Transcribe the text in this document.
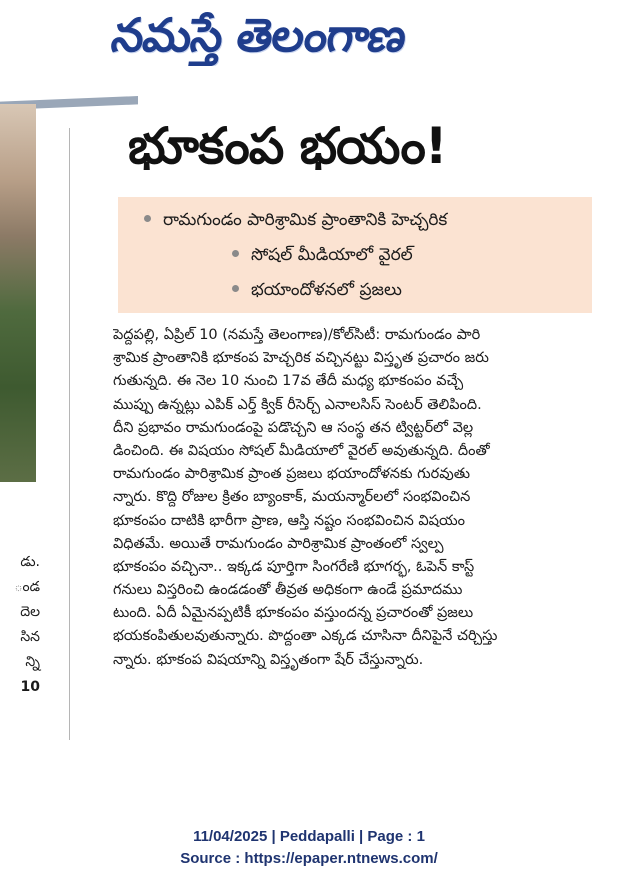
నమస్తే తెలంగాణ
డు.
ండ
దెల
సిన
న్ని
10
భూకంప భయం!
రామగుండం పారిశ్రామిక ప్రాంతానికి హెచ్చరిక
సోషల్ మీడియాలో వైరల్
భయాందోళనలో ప్రజలు
పెద్దపల్లి, ఏప్రిల్ 10 (నమస్తే తెలంగాణ)/కోల్‌సిటీ: రామగుండం పారి
శ్రామిక ప్రాంతానికి భూకంప హెచ్చరిక వచ్చినట్టు విస్తృత ప్రచారం జరు
గుతున్నది. ఈ నెల 10 నుంచి 17వ తేదీ మధ్య భూకంపం వచ్చే
ముప్పు ఉన్నట్లు ఎపిక్ ఎర్త్ క్విక్ రీసెర్చ్ ఎనాలసిస్ సెంటర్ తెలిపింది.
దీని ప్రభావం రామగుండంపై పడొచ్చని ఆ సంస్థ తన ట్విట్టర్‌లో వెల్ల
డించింది. ఈ విషయం సోషల్ మీడియాలో వైరల్ అవుతున్నది. దీంతో
రామగుండం పారిశ్రామిక ప్రాంత ప్రజలు భయాందోళనకు గురవుతు
న్నారు. కొద్ది రోజుల క్రితం బ్యాంకాక్, మయన్మార్‌లలో సంభవించిన
భూకంపం దాటికి భారీగా ప్రాణ, ఆస్తి నష్టం సంభవించిన విషయం
విధితమే. అయితే రామగుండం పారిశ్రామిక ప్రాంతంలో స్వల్ప
భూకంపం వచ్చినా.. ఇక్కడ పూర్తిగా సింగరేణి భూగర్భ, ఓపెన్ కాస్ట్
గనులు విస్తరించి ఉండడంతో తీవ్రత అధికంగా ఉండే ప్రమాదము
టుంది. ఏదీ ఏమైనప్పటికీ భూకంపం వస్తుందన్న ప్రచారంతో ప్రజలు
భయకంపితులవుతున్నారు. పొద్దంతా ఎక్కడ చూసినా దీనిపైనే చర్చిస్తు
న్నారు. భూకంప విషయాన్ని విస్తృతంగా షేర్ చేస్తున్నారు.
11/04/2025 | Peddapalli | Page : 1
Source : https://epaper.ntnews.com/
